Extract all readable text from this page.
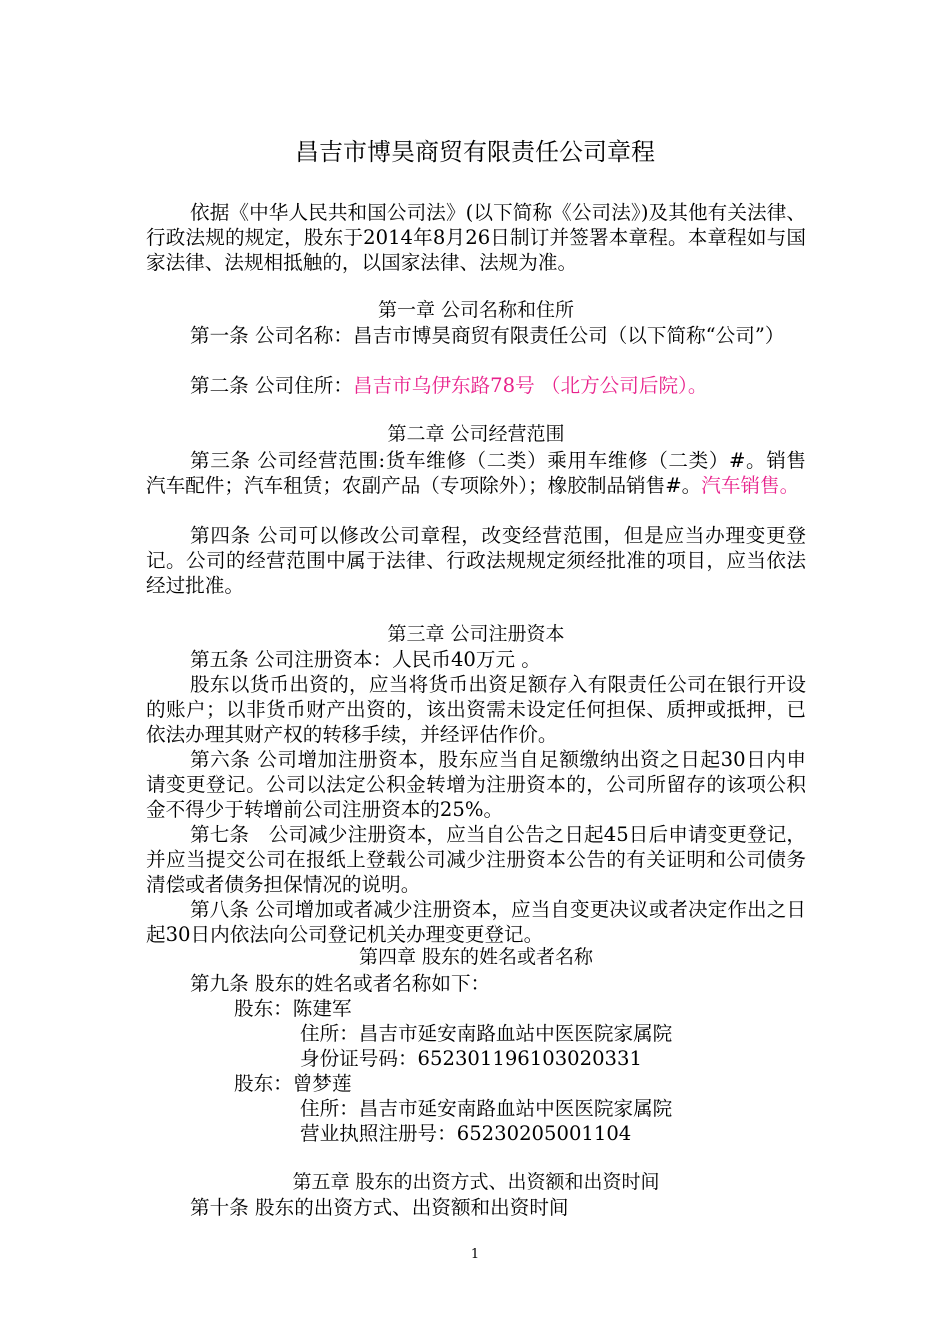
昌吉市博昊商贸有限责任公司章程
依据《中华人民共和国公司法》(以下简称《公司法》)及其他有关法律、行政法规的规定，股东于2014年8月26日制订并签署本章程。本章程如与国家法律、法规相抵触的，以国家法律、法规为准。
第一章 公司名称和住所
第一条 公司名称：昌吉市博昊商贸有限责任公司（以下简称“公司”）
第二条 公司住所：昌吉市乌伊东路78号 （北方公司后院）。
第二章 公司经营范围
第三条 公司经营范围:货车维修（二类）乘用车维修（二类）#。销售汽车配件；汽车租赁；农副产品（专项除外）；橡胶制品销售#。汽车销售。
第四条 公司可以修改公司章程，改变经营范围，但是应当办理变更登记。公司的经营范围中属于法律、行政法规规定须经批准的项目，应当依法经过批准。
第三章 公司注册资本
第五条 公司注册资本：人民币40万元 。
股东以货币出资的，应当将货币出资足额存入有限责任公司在银行开设的账户；以非货币财产出资的，该出资需未设定任何担保、质押或抵押，已依法办理其财产权的转移手续，并经评估作价。
第六条 公司增加注册资本，股东应当自足额缴纳出资之日起30日内申请变更登记。公司以法定公积金转增为注册资本的，公司所留存的该项公积金不得少于转增前公司注册资本的25%。
第七条　公司减少注册资本，应当自公告之日起45日后申请变更登记，并应当提交公司在报纸上登载公司减少注册资本公告的有关证明和公司债务清偿或者债务担保情况的说明。
第八条 公司增加或者减少注册资本，应当自变更决议或者决定作出之日起30日内依法向公司登记机关办理变更登记。
第四章 股东的姓名或者名称
第九条 股东的姓名或者名称如下：
股东：陈建军
住所：昌吉市延安南路血站中医医院家属院
身份证号码：652301196103020331
股东：曾梦莲
住所：昌吉市延安南路血站中医医院家属院
营业执照注册号：65230205001104
第五章 股东的出资方式、出资额和出资时间
第十条 股东的出资方式、出资额和出资时间
1
